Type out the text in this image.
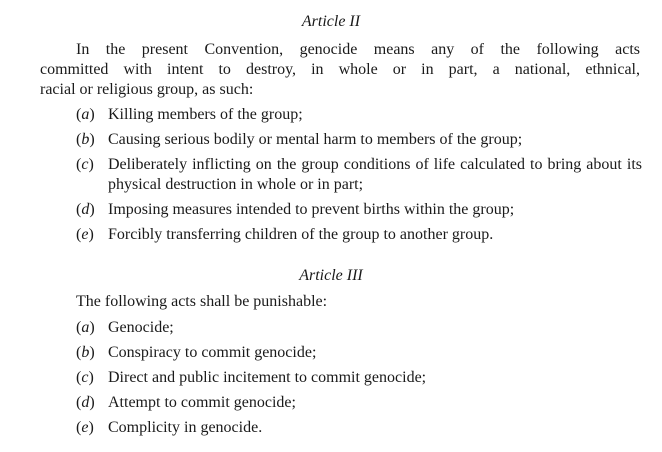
Article II

In the present Convention, genocide means any of the following acts
committed with intent to destroy, in whole or in part, a national, ethnical,
racial or religious group, as such:

(a) Killing members of the group;
(b) Causing serious bodily or mental harm to members of the group;
(c) Deliberately inflicting on the group conditions of life calculated to bring about its physical destruction in whole or in part;
(d) Imposing measures intended to prevent births within the group;
(e) Forcibly transferring children of the group to another group.
Article III

The following acts shall be punishable:

(a) Genocide;
(b) Conspiracy to commit genocide;
(c) Direct and public incitement to commit genocide;
(d) Attempt to commit genocide;
(e) Complicity in genocide.
